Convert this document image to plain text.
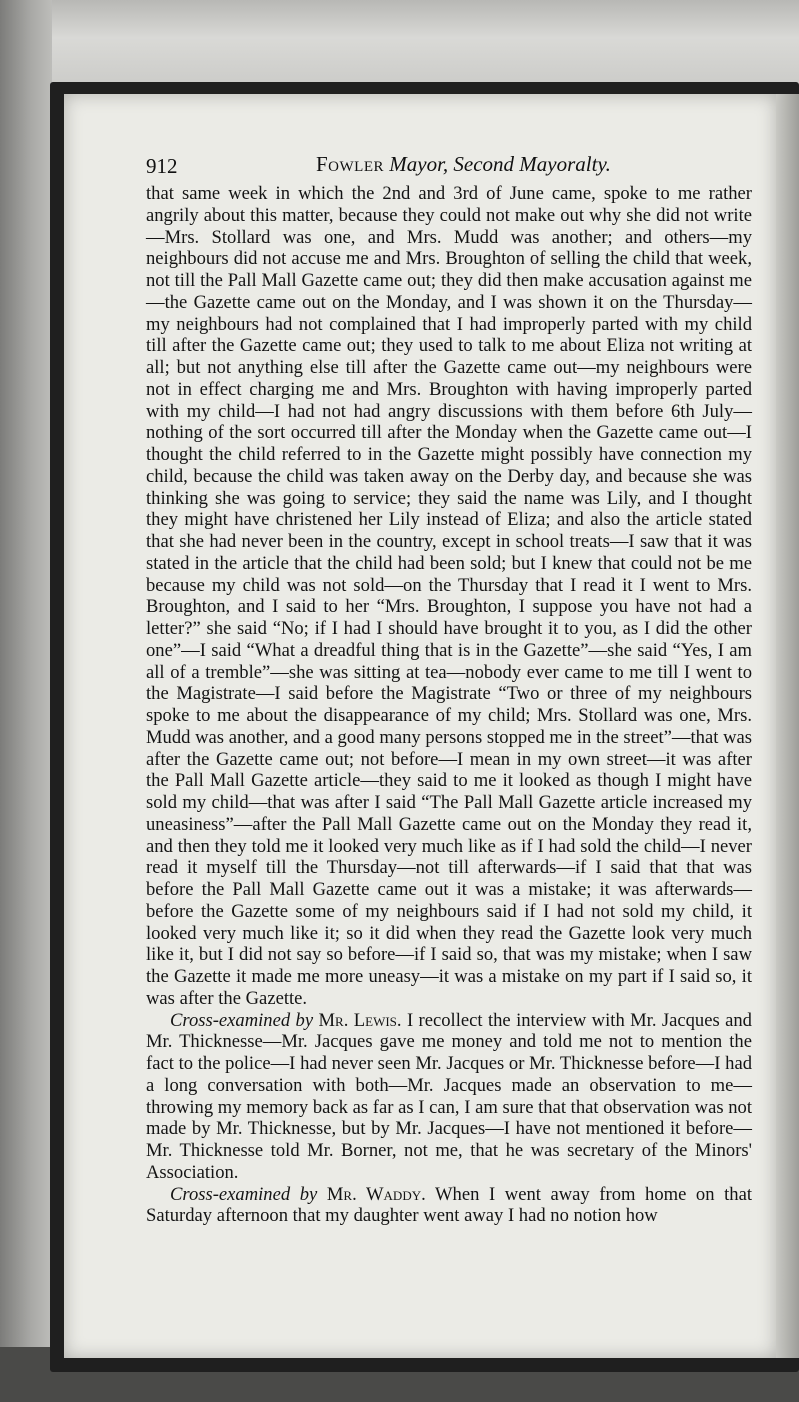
912	Fowler Mayor, Second Mayoralty.

that same week in which the 2nd and 3rd of June came, spoke to me rather angrily about this matter, because they could not make out why she did not write—Mrs. Stollard was one, and Mrs. Mudd was another; and others—my neighbours did not accuse me and Mrs. Broughton of selling the child that week, not till the Pall Mall Gazette came out; they did then make accusation against me—the Gazette came out on the Monday, and I was shown it on the Thursday—my neighbours had not complained that I had improperly parted with my child till after the Gazette came out; they used to talk to me about Eliza not writing at all; but not anything else till after the Gazette came out—my neighbours were not in effect charging me and Mrs. Broughton with having improperly parted with my child—I had not had angry discussions with them before 6th July—nothing of the sort occurred till after the Monday when the Gazette came out—I thought the child referred to in the Gazette might possibly have connection my child, because the child was taken away on the Derby day, and because she was thinking she was going to service; they said the name was Lily, and I thought they might have christened her Lily instead of Eliza; and also the article stated that she had never been in the country, except in school treats—I saw that it was stated in the article that the child had been sold; but I knew that could not be me because my child was not sold—on the Thursday that I read it I went to Mrs. Broughton, and I said to her “Mrs. Broughton, I suppose you have not had a letter?” she said “No; if I had I should have brought it to you, as I did the other one”—I said “What a dreadful thing that is in the Gazette”—she said “Yes, I am all of a tremble”—she was sitting at tea—nobody ever came to me till I went to the Magistrate—I said before the Magistrate “Two or three of my neighbours spoke to me about the disappearance of my child; Mrs. Stollard was one, Mrs. Mudd was another, and a good many persons stopped me in the street”—that was after the Gazette came out; not before—I mean in my own street—it was after the Pall Mall Gazette article—they said to me it looked as though I might have sold my child—that was after I said “The Pall Mall Gazette article increased my uneasiness”—after the Pall Mall Gazette came out on the Monday they read it, and then they told me it looked very much like as if I had sold the child—I never read it myself till the Thursday—not till afterwards—if I said that that was before the Pall Mall Gazette came out it was a mistake; it was afterwards—before the Gazette some of my neighbours said if I had not sold my child, it looked very much like it; so it did when they read the Gazette look very much like it, but I did not say so before—if I said so, that was my mistake; when I saw the Gazette it made me more uneasy—it was a mistake on my part if I said so, it was after the Gazette.

Cross-examined by Mr. Lewis. I recollect the interview with Mr. Jacques and Mr. Thicknesse—Mr. Jacques gave me money and told me not to mention the fact to the police—I had never seen Mr. Jacques or Mr. Thicknesse before—I had a long conversation with both—Mr. Jacques made an observation to me—throwing my memory back as far as I can, I am sure that that observation was not made by Mr. Thicknesse, but by Mr. Jacques—I have not mentioned it before—Mr. Thicknesse told Mr. Borner, not me, that he was secretary of the Minors' Association.

Cross-examined by Mr. Waddy. When I went away from home on that Saturday afternoon that my daughter went away I had no notion how
